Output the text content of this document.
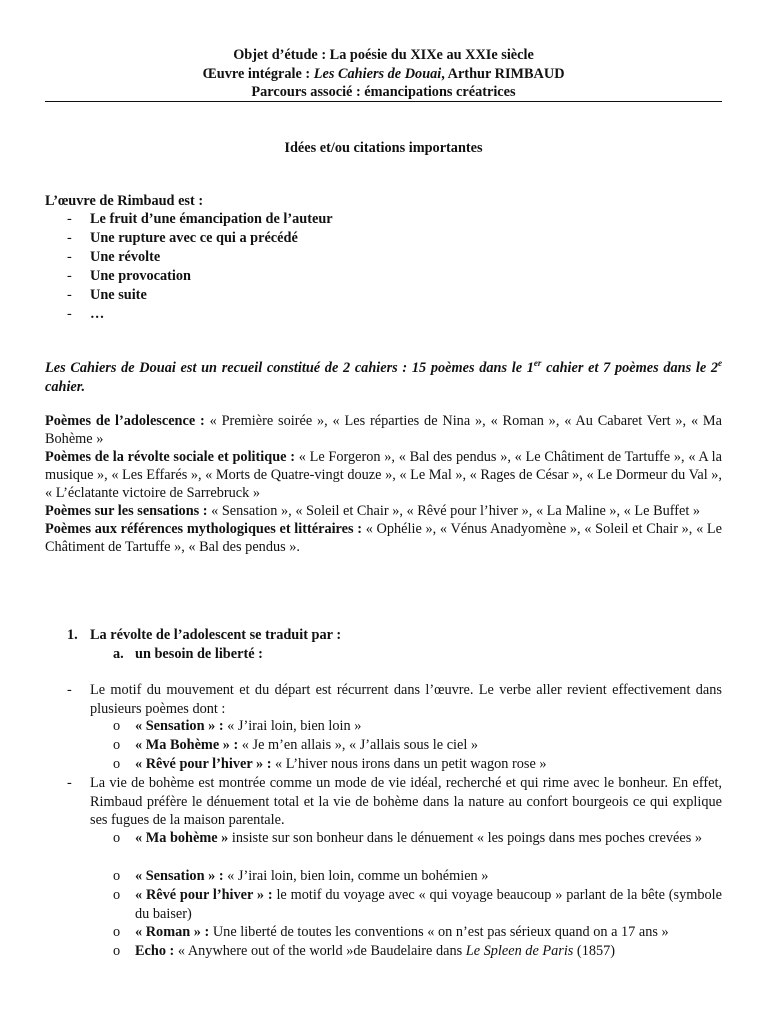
Objet d’étude : La poésie du XIXe au XXIe siècle
Œuvre intégrale : Les Cahiers de Douai, Arthur RIMBAUD
Parcours associé : émancipations créatrices
Idées et/ou citations importantes
L’œuvre de Rimbaud est :
- Le fruit d’une émancipation de l’auteur
- Une rupture avec ce qui a précédé
- Une révolte
- Une provocation
- Une suite
- …
Les Cahiers de Douai est un recueil constitué de 2 cahiers : 15 poèmes dans le 1er cahier et 7 poèmes dans le 2e cahier.
Poèmes de l’adolescence : « Première soirée », « Les réparties de Nina », « Roman », « Au Cabaret Vert », « Ma Bohème »
Poèmes de la révolte sociale et politique : « Le Forgeron », « Bal des pendus », « Le Châtiment de Tartuffe », « A la musique », « Les Effarés », « Morts de Quatre-vingt douze », « Le Mal », « Rages de César », « Le Dormeur du Val », « L’éclatante victoire de Sarrebruck »
Poèmes sur les sensations : « Sensation », « Soleil et Chair », « Rêvé pour l’hiver », « La Maline », « Le Buffet »
Poèmes aux références mythologiques et littéraires : « Ophélie », « Vénus Anadyomène », « Soleil et Chair », « Le Châtiment de Tartuffe », « Bal des pendus ».
1. La révolte de l’adolescent se traduit par :
a. un besoin de liberté :
- Le motif du mouvement et du départ est récurrent dans l’œuvre. Le verbe aller revient effectivement dans plusieurs poèmes dont :
o « Sensation » : « J’irai loin, bien loin »
o « Ma Bohème » : « Je m’en allais », « J’allais sous le ciel »
o « Rêvé pour l’hiver » : « L’hiver nous irons dans un petit wagon rose »
- La vie de bohème est montrée comme un mode de vie idéal, recherché et qui rime avec le bonheur. En effet, Rimbaud préfère le dénuement total et la vie de bohème dans la nature au confort bourgeois ce qui explique ses fugues de la maison parentale.
o « Ma bohème » insiste sur son bonheur dans le dénuement « les poings dans mes poches crevées »
o « Sensation » : « J’irai loin, bien loin, comme un bohémien »
o « Rêvé pour l’hiver » : le motif du voyage avec « qui voyage beaucoup » parlant de la bête (symbole du baiser)
o « Roman » : Une liberté de toutes les conventions « on n’est pas sérieux quand on a 17 ans »
o Echo : « Anywhere out of the world »de Baudelaire dans Le Spleen de Paris (1857)
